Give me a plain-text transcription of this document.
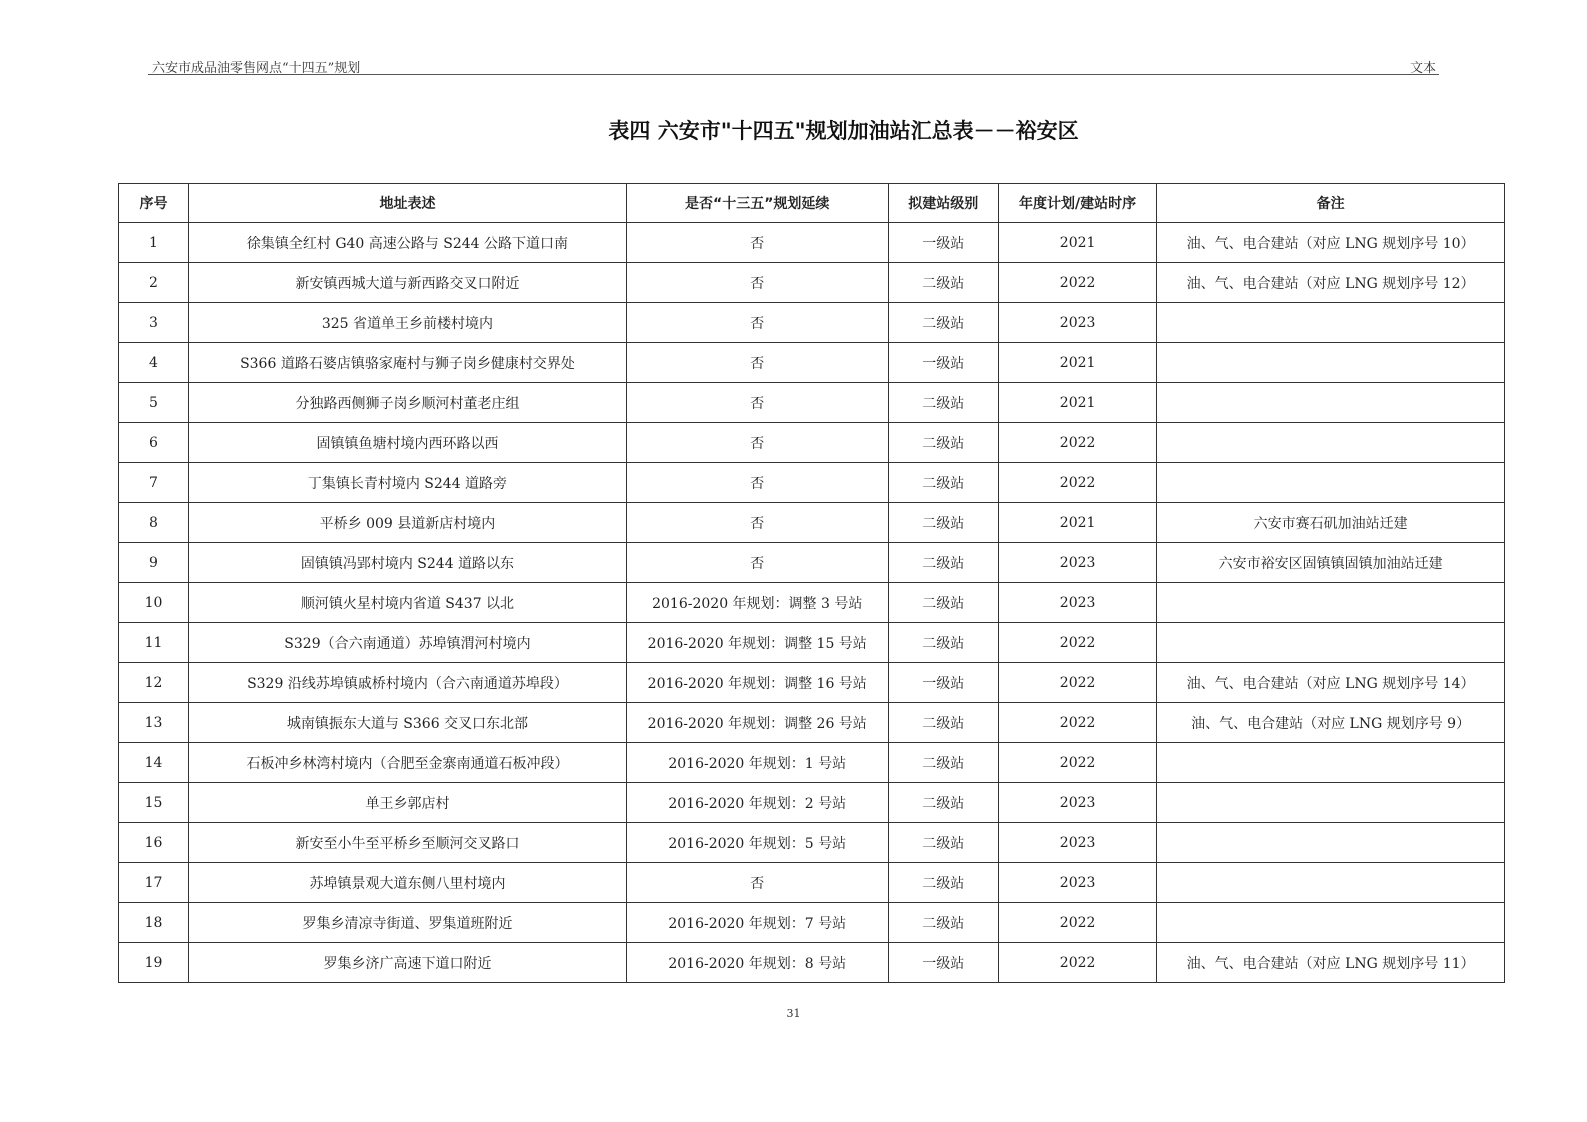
六安市成品油零售网点“十四五”规划	文本
表四 六安市"十四五"规划加油站汇总表－－裕安区
序号	地址表述	是否“十三五”规划延续	拟建站级别	年度计划/建站时序	备注
1	徐集镇全红村 G40 高速公路与 S244 公路下道口南	否	一级站	2021	油、气、电合建站（对应 LNG 规划序号 10）
2	新安镇西城大道与新西路交叉口附近	否	二级站	2022	油、气、电合建站（对应 LNG 规划序号 12）
3	325 省道单王乡前楼村境内	否	二级站	2023	
4	S366 道路石婆店镇骆家庵村与狮子岗乡健康村交界处	否	一级站	2021	
5	分独路西侧狮子岗乡顺河村董老庄组	否	二级站	2021	
6	固镇镇鱼塘村境内西环路以西	否	二级站	2022	
7	丁集镇长青村境内 S244 道路旁	否	二级站	2022	
8	平桥乡 009 县道新店村境内	否	二级站	2021	六安市赛石矶加油站迁建
9	固镇镇冯郢村境内 S244 道路以东	否	二级站	2023	六安市裕安区固镇镇固镇加油站迁建
10	顺河镇火星村境内省道 S437 以北	2016-2020 年规划：调整 3 号站	二级站	2023	
11	S329（合六南通道）苏埠镇渭河村境内	2016-2020 年规划：调整 15 号站	二级站	2022	
12	S329 沿线苏埠镇戚桥村境内（合六南通道苏埠段）	2016-2020 年规划：调整 16 号站	一级站	2022	油、气、电合建站（对应 LNG 规划序号 14）
13	城南镇振东大道与 S366 交叉口东北部	2016-2020 年规划：调整 26 号站	二级站	2022	油、气、电合建站（对应 LNG 规划序号 9）
14	石板冲乡林湾村境内（合肥至金寨南通道石板冲段）	2016-2020 年规划：1 号站	二级站	2022	
15	单王乡郭店村	2016-2020 年规划：2 号站	二级站	2023	
16	新安至小牛至平桥乡至顺河交叉路口	2016-2020 年规划：5 号站	二级站	2023	
17	苏埠镇景观大道东侧八里村境内	否	二级站	2023	
18	罗集乡清凉寺街道、罗集道班附近	2016-2020 年规划：7 号站	二级站	2022	
19	罗集乡济广高速下道口附近	2016-2020 年规划：8 号站	一级站	2022	油、气、电合建站（对应 LNG 规划序号 11）
31
